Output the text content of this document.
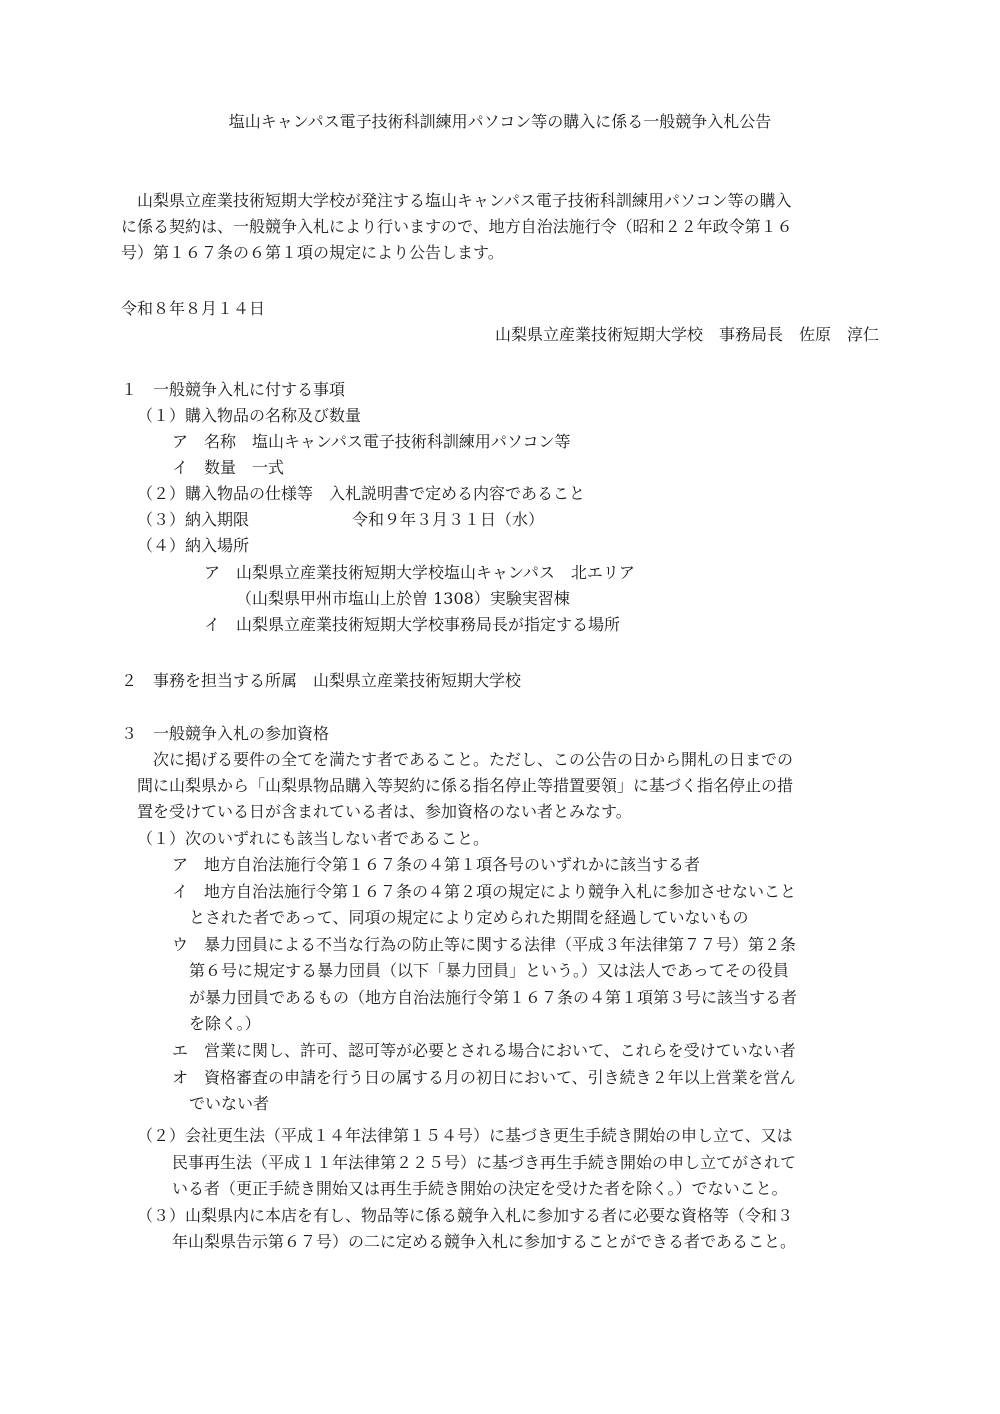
塩山キャンパス電子技術科訓練用パソコン等の購入に係る一般競争入札公告
山梨県立産業技術短期大学校が発注する塩山キャンパス電子技術科訓練用パソコン等の購入
に係る契約は、一般競争入札により行いますので、地方自治法施行令（昭和２２年政令第１６
号）第１６７条の６第１項の規定により公告します。
令和８年８月１４日
山梨県立産業技術短期大学校　事務局長　佐原　淳仁
１　一般競争入札に付する事項
（１）購入物品の名称及び数量
ア　名称　塩山キャンパス電子技術科訓練用パソコン等
イ　数量　一式
（２）購入物品の仕様等　入札説明書で定める内容であること
（３）納入期限	令和９年３月３１日（水）
（４）納入場所
ア　山梨県立産業技術短期大学校塩山キャンパス　北エリア
（山梨県甲州市塩山上於曽 1308）実験実習棟
イ　山梨県立産業技術短期大学校事務局長が指定する場所
２　事務を担当する所属　山梨県立産業技術短期大学校
３　一般競争入札の参加資格
次に掲げる要件の全てを満たす者であること。ただし、この公告の日から開札の日までの
間に山梨県から「山梨県物品購入等契約に係る指名停止等措置要領」に基づく指名停止の措
置を受けている日が含まれている者は、参加資格のない者とみなす。
（１）次のいずれにも該当しない者であること。
ア　地方自治法施行令第１６７条の４第１項各号のいずれかに該当する者
イ　地方自治法施行令第１６７条の４第２項の規定により競争入札に参加させないこと
とされた者であって、同項の規定により定められた期間を経過していないもの
ウ　暴力団員による不当な行為の防止等に関する法律（平成３年法律第７７号）第２条
第６号に規定する暴力団員（以下「暴力団員」という。）又は法人であってその役員
が暴力団員であるもの（地方自治法施行令第１６７条の４第１項第３号に該当する者
を除く。）
エ　営業に関し、許可、認可等が必要とされる場合において、これらを受けていない者
オ　資格審査の申請を行う日の属する月の初日において、引き続き２年以上営業を営ん
でいない者
（２）会社更生法（平成１４年法律第１５４号）に基づき更生手続き開始の申し立て、又は
民事再生法（平成１１年法律第２２５号）に基づき再生手続き開始の申し立てがされて
いる者（更正手続き開始又は再生手続き開始の決定を受けた者を除く。）でないこと。
（３）山梨県内に本店を有し、物品等に係る競争入札に参加する者に必要な資格等（令和３
年山梨県告示第６７号）の二に定める競争入札に参加することができる者であること。
